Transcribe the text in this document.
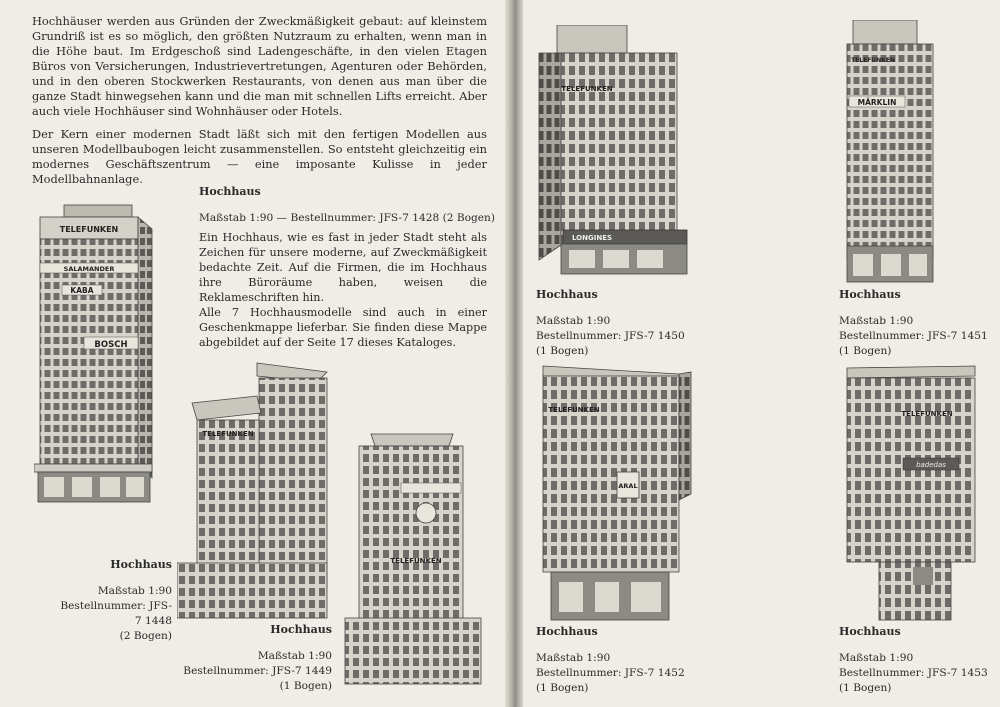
Hochhäuser werden aus Gründen der Zweckmäßigkeit gebaut: auf kleinstem Grundriß ist es so möglich, den größten Nutzraum zu erhalten, wenn man in die Höhe baut. Im Erdgeschoß sind Ladengeschäfte, in den vielen Etagen Büros von Versicherungen, Industrievertretungen, Agenturen oder Behörden, und in den oberen Stockwerken Restaurants, von denen aus man über die ganze Stadt hinwegsehen kann und die man mit schnellen Lifts erreicht. Aber auch viele Hochhäuser sind Wohnhäuser oder Hotels.

Der Kern einer modernen Stadt läßt sich mit den fertigen Modellen aus unseren Modellbaubogen leicht zusammenstellen. So entsteht gleichzeitig ein modernes Geschäftszentrum — eine imposante Kulisse in jeder Modellbahnanlage.

Hochhaus
Maßstab 1:90 — Bestellnummer: JFS-7 1428 (2 Bogen)
Ein Hochhaus, wie es fast in jeder Stadt steht als Zeichen für unsere moderne, auf Zweckmäßigkeit bedachte Zeit. Auf die Firmen, die im Hochhaus ihre Büroräume haben, weisen die Reklameschriften hin.
Alle 7 Hochhausmodelle sind auch in einer Geschenkmappe lieferbar. Sie finden diese Mappe abgebildet auf der Seite 17 dieses Kataloges.
TELEFUNKEN
SALAMANDER
KABA
BOSCH
TELEFUNKEN
TELEFUNKEN
Hochhaus
Maßstab 1:90
Bestellnummer: JFS-7 1448
(2 Bogen)	Hochhaus
Maßstab 1:90
Bestellnummer: JFS-7 1449
(1 Bogen)
TELEFUNKEN
LONGINES
Hochhaus
Maßstab 1:90
Bestellnummer: JFS-7 1450
(1 Bogen)
TELEFUNKEN
MÄRKLIN
Hochhaus
Maßstab 1:90
Bestellnummer: JFS-7 1451
(1 Bogen)
TELEFUNKEN
ARAL
Hochhaus
Maßstab 1:90
Bestellnummer: JFS-7 1452
(1 Bogen)
TELEFUNKEN
badedas
Hochhaus
Maßstab 1:90
Bestellnummer: JFS-7 1453
(1 Bogen)
